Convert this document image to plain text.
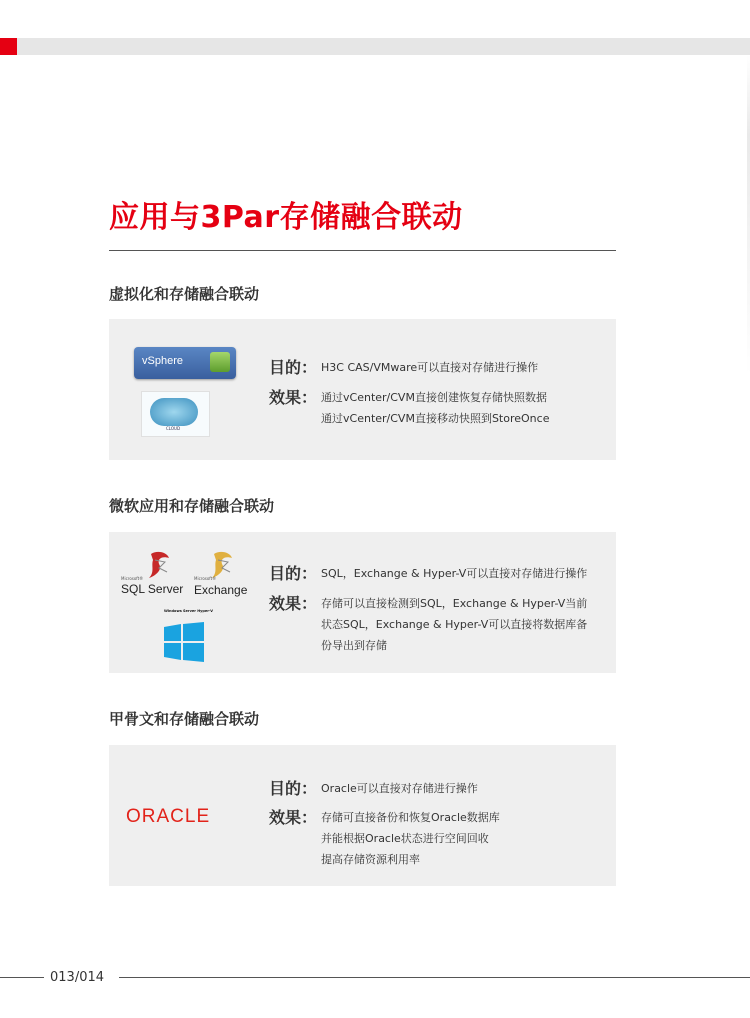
应用与3Par存储融合联动
虚拟化和存储融合联动
vSphere
CLOUD
目的： H3C CAS/VMware可以直接对存储进行操作
效果： 通过vCenter/CVM直接创建恢复存储快照数据
通过vCenter/CVM直接移动快照到StoreOnce
微软应用和存储融合联动
Microsoft®
SQL Server
Microsoft®
Exchange
Windows Server Hyper-V
目的： SQL，Exchange & Hyper-V可以直接对存储进行操作
效果： 存储可以直接检测到SQL，Exchange & Hyper-V当前
状态SQL，Exchange & Hyper-V可以直接将数据库备
份导出到存储
甲骨文和存储融合联动
ORACLE
目的： Oracle可以直接对存储进行操作
效果： 存储可直接备份和恢复Oracle数据库
并能根据Oracle状态进行空间回收
提高存储资源利用率
013/014
